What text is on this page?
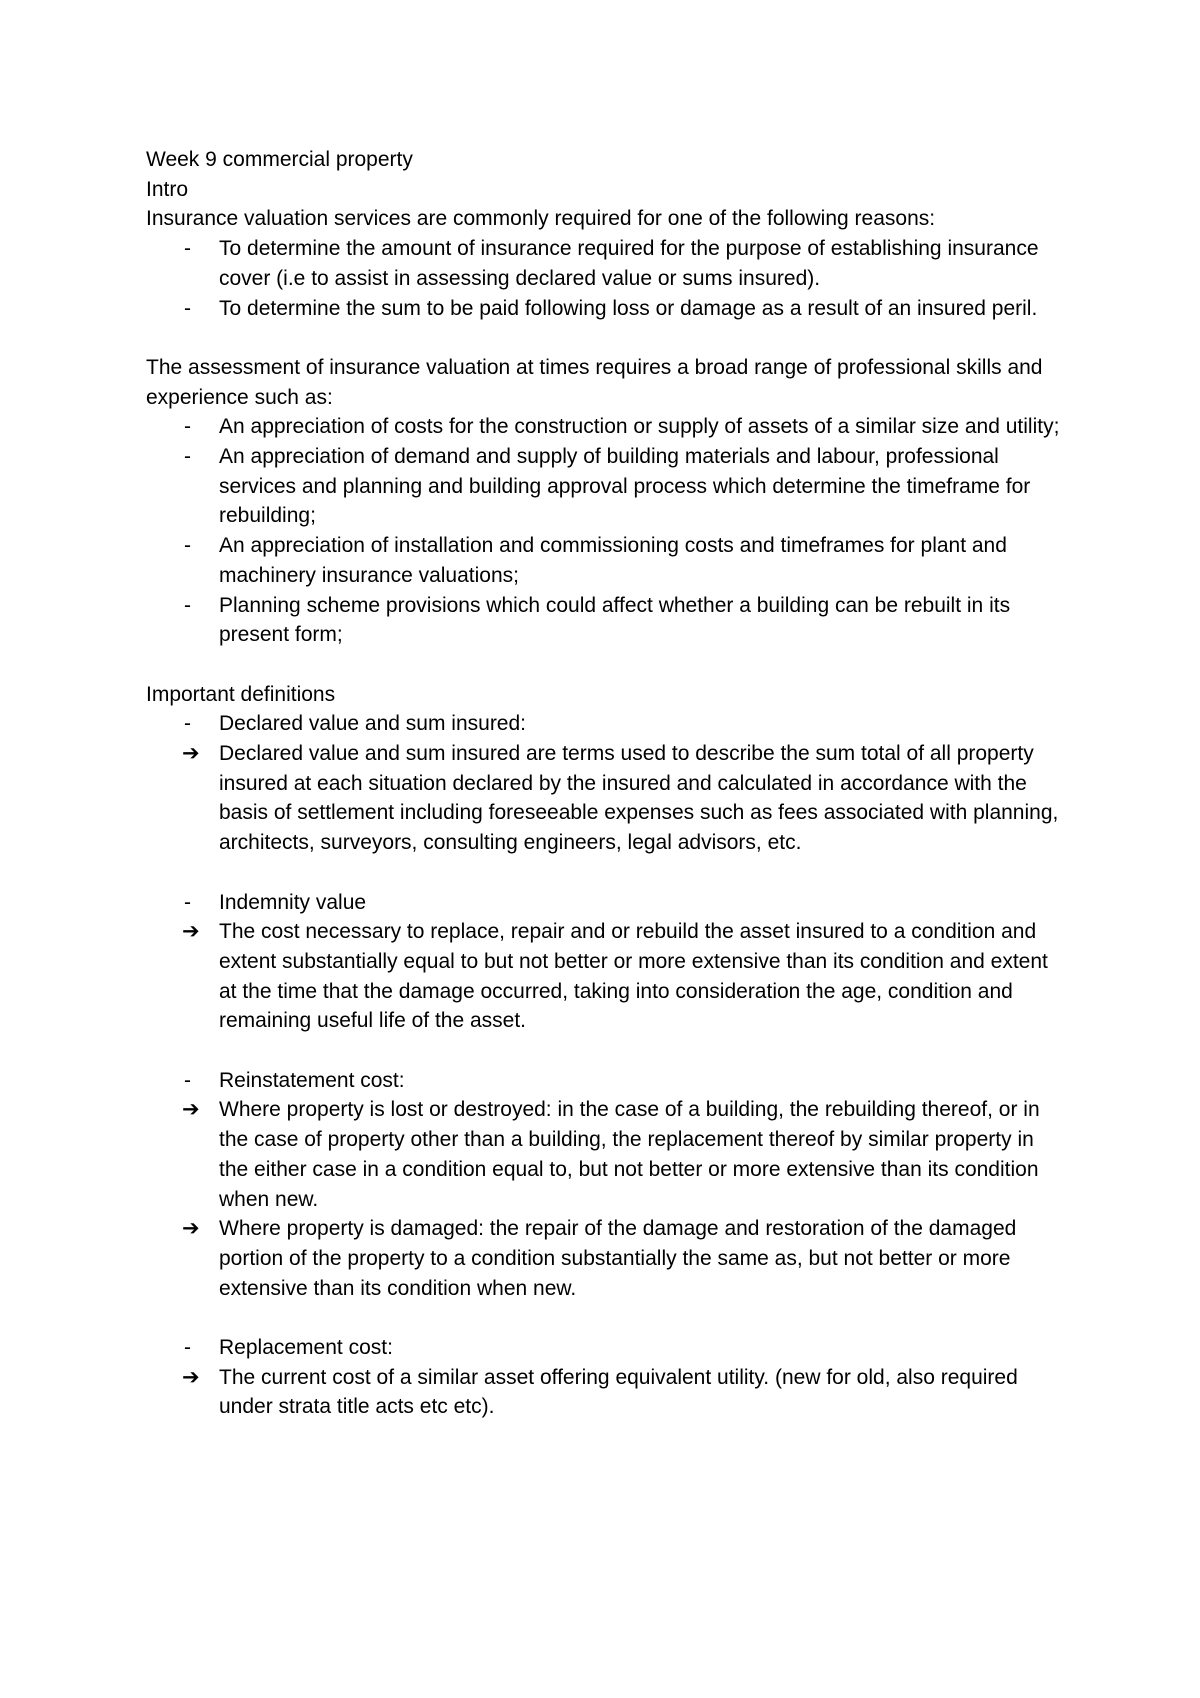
Week 9 commercial property

Intro

Insurance valuation services are commonly required for one of the following reasons:

-	To determine the amount of insurance required for the purpose of establishing insurance cover (i.e to assist in assessing declared value or sums insured).
-	To determine the sum to be paid following loss or damage as a result of an insured peril.

The assessment of insurance valuation at times requires a broad range of professional skills and experience such as:

-	An appreciation of costs for the construction or supply of assets of a similar size and utility;
-	An appreciation of demand and supply of building materials and labour, professional services and planning and building approval process which determine the timeframe for rebuilding;
-	An appreciation of installation and commissioning costs and timeframes for plant and machinery insurance valuations;
-	Planning scheme provisions which could affect whether a building can be rebuilt in its present form;

Important definitions

-	Declared value and sum insured:
➔ Declared value and sum insured are terms used to describe the sum total of all property insured at each situation declared by the insured and calculated in accordance with the basis of settlement including foreseeable expenses such as fees associated with planning, architects, surveyors, consulting engineers, legal advisors, etc.
-	Indemnity value
➔ The cost necessary to replace, repair and or rebuild the asset insured to a condition and extent substantially equal to but not better or more extensive than its condition and extent at the time that the damage occurred, taking into consideration the age, condition and remaining useful life of the asset.
-	Reinstatement cost:
➔ Where property is lost or destroyed: in the case of a building, the rebuilding thereof, or in the case of property other than a building, the replacement thereof by similar property in the either case in a condition equal to, but not better or more extensive than its condition when new.
➔ Where property is damaged: the repair of the damage and restoration of the damaged portion of the property to a condition substantially the same as, but not better or more extensive than its condition when new.
-	Replacement cost:
➔ The current cost of a similar asset offering equivalent utility. (new for old, also required under strata title acts etc etc).
